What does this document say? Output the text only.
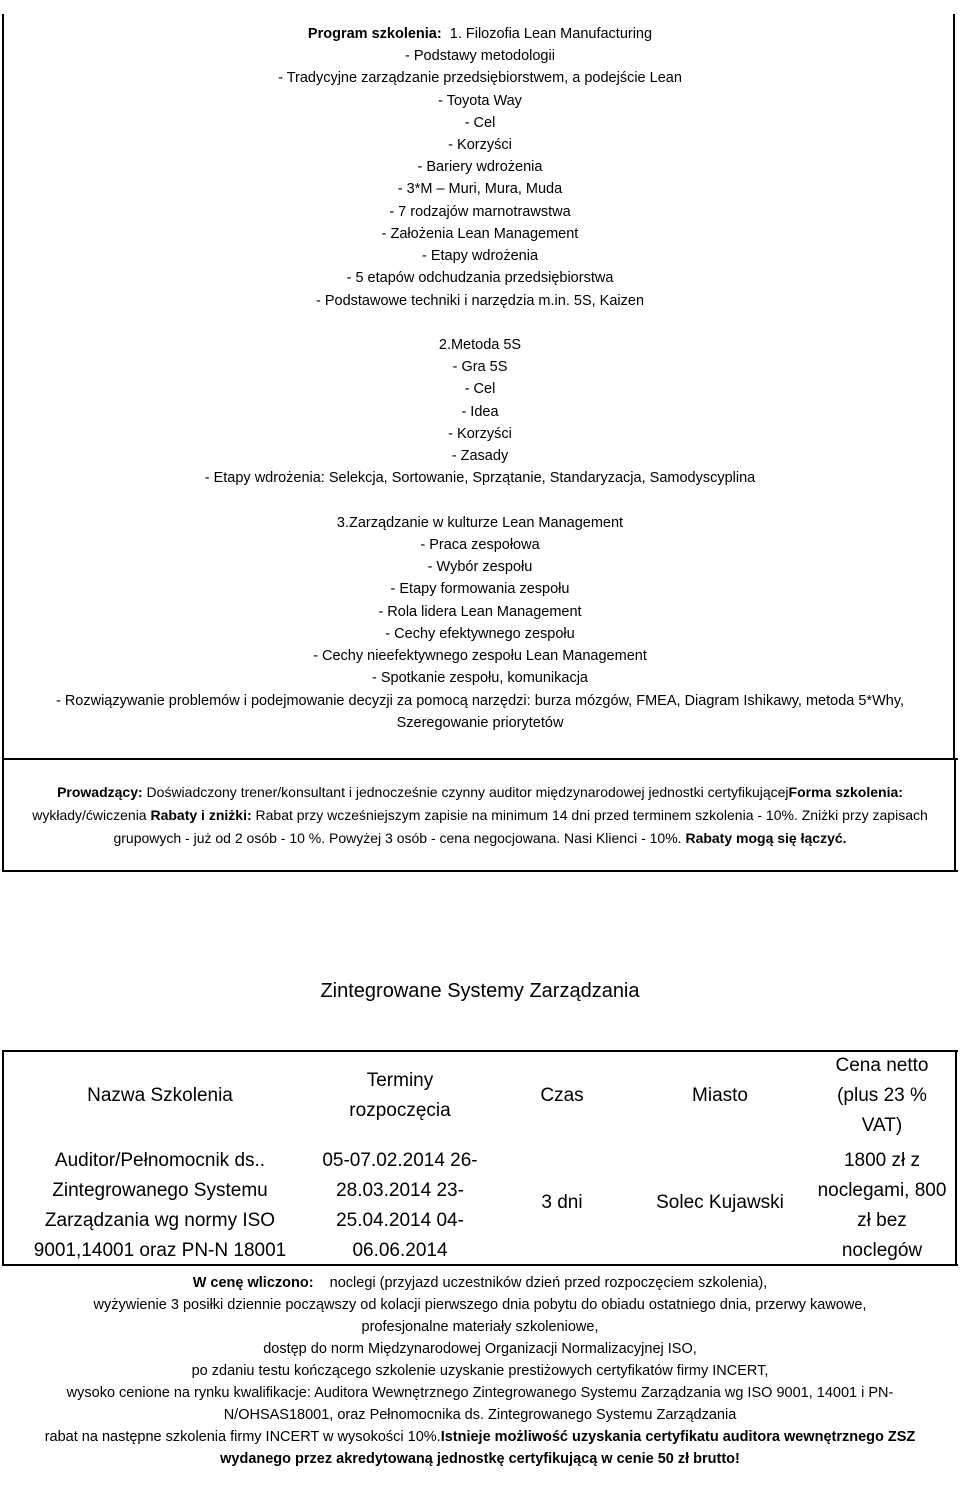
Program szkolenia: 1. Filozofia Lean Manufacturing
- Podstawy metodologii
- Tradycyjne zarządzanie przedsiębiorstwem, a podejście Lean
- Toyota Way
- Cel
- Korzyści
- Bariery wdrożenia
- 3*M – Muri, Mura, Muda
- 7 rodzajów marnotrawstwa
- Założenia Lean Management
- Etapy wdrożenia
- 5 etapów odchudzania przedsiębiorstwa
- Podstawowe techniki i narzędzia m.in. 5S, Kaizen
2.Metoda 5S
- Gra 5S
- Cel
- Idea
- Korzyści
- Zasady
- Etapy wdrożenia: Selekcja, Sortowanie, Sprzątanie, Standaryzacja, Samodyscyplina
3.Zarządzanie w kulturze Lean Management
- Praca zespołowa
- Wybór zespołu
- Etapy formowania zespołu
- Rola lidera Lean Management
- Cechy efektywnego zespołu
- Cechy nieefektywnego zespołu Lean Management
- Spotkanie zespołu, komunikacja
- Rozwiązywanie problemów i podejmowanie decyzji za pomocą narzędzi: burza mózgów, FMEA, Diagram Ishikawy, metoda 5*Why,
Szeregowanie priorytetów
Prowadzący: Doświadczony trener/konsultant i jednocześnie czynny auditor międzynarodowej jednostki certyfikującejForma szkolenia:
wykłady/ćwiczenia Rabaty i zniżki: Rabat przy wcześniejszym zapisie na minimum 14 dni przed terminem szkolenia - 10%. Zniżki przy zapisach
grupowych - już od 2 osób - 10 %. Powyżej 3 osób - cena negocjowana. Nasi Klienci - 10%. Rabaty mogą się łączyć.
Zintegrowane Systemy Zarządzania
Nazwa Szkolenia
Terminy
rozpoczęcia
Czas	Miasto
Cena netto
(plus 23 %
VAT)
Auditor/Pełnomocnik ds..
Zintegrowanego Systemu
Zarządzania wg normy ISO
9001,14001 oraz PN-N 18001
05-07.02.2014 26-
28.03.2014 23-
25.04.2014 04-
06.06.2014
3 dni	Solec Kujawski
1800 zł z
noclegami, 800
zł bez
noclegów
W cenę wliczono: noclegi (przyjazd uczestników dzień przed rozpoczęciem szkolenia),
wyżywienie 3 posiłki dziennie począwszy od kolacji pierwszego dnia pobytu do obiadu ostatniego dnia, przerwy kawowe,
profesjonalne materiały szkoleniowe,
dostęp do norm Międzynarodowej Organizacji Normalizacyjnej ISO,
po zdaniu testu kończącego szkolenie uzyskanie prestiżowych certyfikatów firmy INCERT,
wysoko cenione na rynku kwalifikacje: Auditora Wewnętrznego Zintegrowanego Systemu Zarządzania wg ISO 9001, 14001 i PN-
N/OHSAS18001, oraz Pełnomocnika ds. Zintegrowanego Systemu Zarządzania
rabat na następne szkolenia firmy INCERT w wysokości 10%.Istnieje możliwość uzyskania certyfikatu auditora wewnętrznego ZSZ
wydanego przez akredytowaną jednostkę certyfikującą w cenie 50 zł brutto!
